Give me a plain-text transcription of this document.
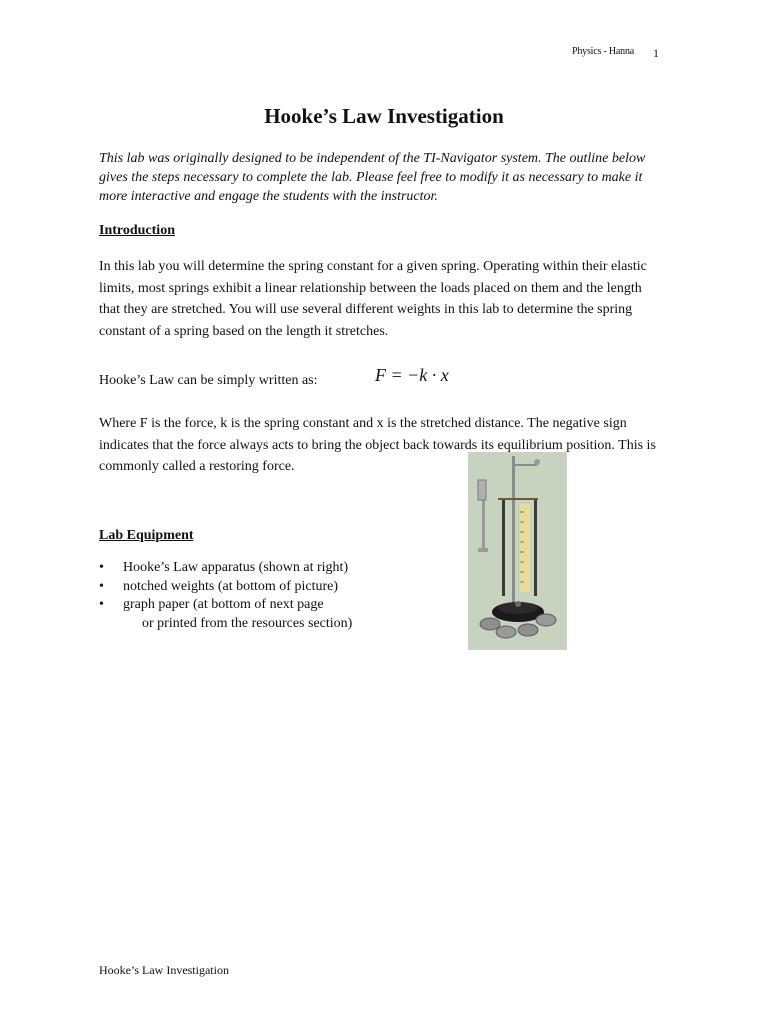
Physics - Hanna 1
Hooke’s Law Investigation
This lab was originally designed to be independent of the TI-Navigator system. The outline below gives the steps necessary to complete the lab. Please feel free to modify it as necessary to make it more interactive and engage the students with the instructor.
Introduction
In this lab you will determine the spring constant for a given spring. Operating within their elastic limits, most springs exhibit a linear relationship between the loads placed on them and the length that they are stretched. You will use several different weights in this lab to determine the spring constant of a spring based on the length it stretches.
Hooke’s Law can be simply written as:	F = −k · x
Where F is the force, k is the spring constant and x is the stretched distance. The negative sign indicates that the force always acts to bring the object back towards its equilibrium position. This is commonly called a restoring force.
Lab Equipment
•	Hooke’s Law apparatus (shown at right)
•	notched weights (at bottom of picture)
•	graph paper (at bottom of next page
or printed from the resources section)
Hooke’s Law Investigation
